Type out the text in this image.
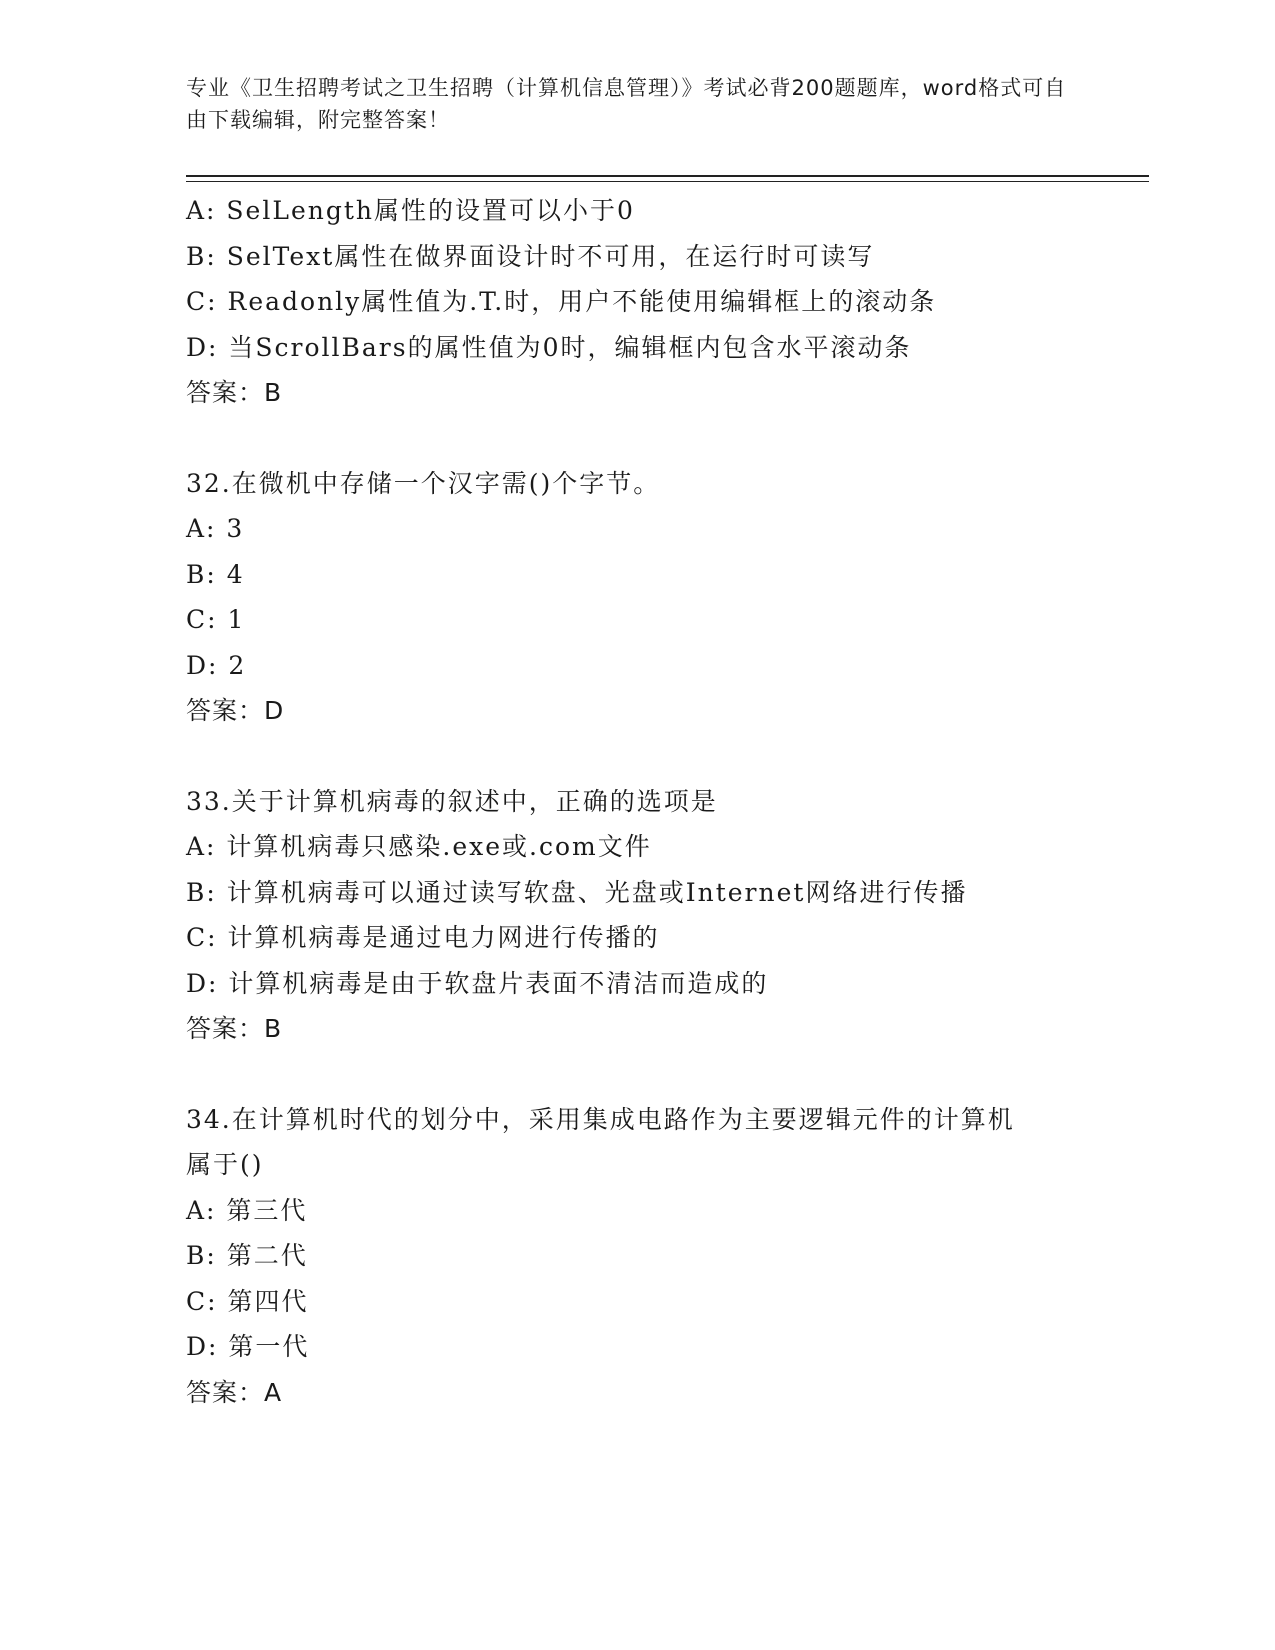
专业《卫生招聘考试之卫生招聘（计算机信息管理）》考试必背200题题库，word格式可自由下载编辑，附完整答案！
A: SelLength属性的设置可以小于0
B: SelText属性在做界面设计时不可用，在运行时可读写
C: Readonly属性值为.T.时，用户不能使用编辑框上的滚动条
D: 当ScrollBars的属性值为0时，编辑框内包含水平滚动条
答案：B
32.在微机中存储一个汉字需()个字节。
A: 3
B: 4
C: 1
D: 2
答案：D
33.关于计算机病毒的叙述中，正确的选项是
A: 计算机病毒只感染.exe或.com文件
B: 计算机病毒可以通过读写软盘、光盘或Internet网络进行传播
C: 计算机病毒是通过电力网进行传播的
D: 计算机病毒是由于软盘片表面不清洁而造成的
答案：B
34.在计算机时代的划分中，采用集成电路作为主要逻辑元件的计算机
属于()
A: 第三代
B: 第二代
C: 第四代
D: 第一代
答案：A
